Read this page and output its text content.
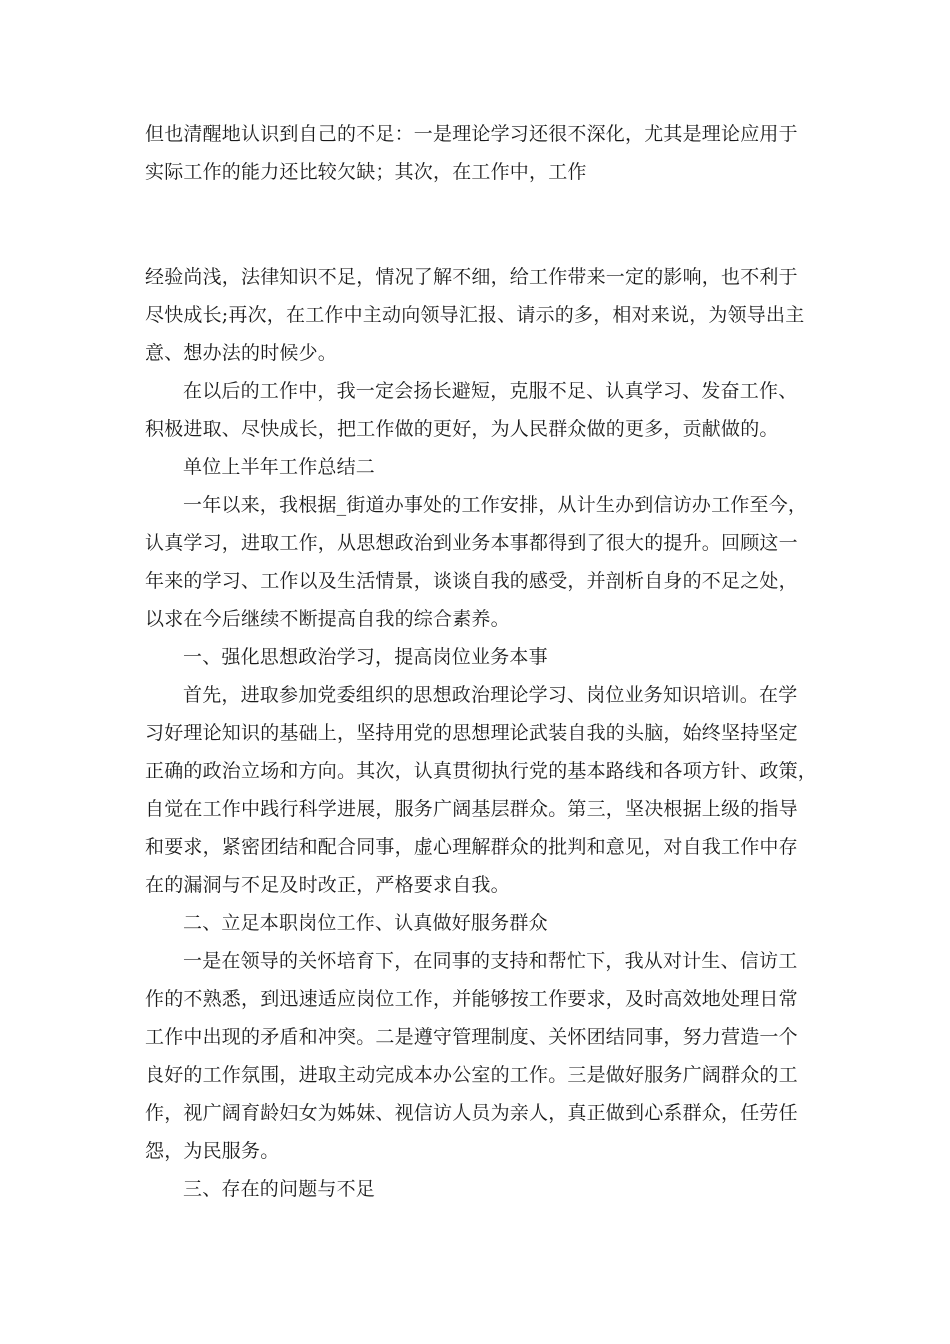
但也清醒地认识到自己的不足：一是理论学习还很不深化，尤其是理论应用于
实际工作的能力还比较欠缺；其次，在工作中，工作
经验尚浅，法律知识不足，情况了解不细，给工作带来一定的影响，也不利于
尽快成长;再次，在工作中主动向领导汇报、请示的多，相对来说，为领导出主
意、想办法的时候少。
在以后的工作中，我一定会扬长避短，克服不足、认真学习、发奋工作、
积极进取、尽快成长，把工作做的更好，为人民群众做的更多，贡献做的。
单位上半年工作总结二
一年以来，我根据_街道办事处的工作安排，从计生办到信访办工作至今，
认真学习，进取工作，从思想政治到业务本事都得到了很大的提升。回顾这一
年来的学习、工作以及生活情景，谈谈自我的感受，并剖析自身的不足之处，
以求在今后继续不断提高自我的综合素养。
一、强化思想政治学习，提高岗位业务本事
首先，进取参加党委组织的思想政治理论学习、岗位业务知识培训。在学
习好理论知识的基础上，坚持用党的思想理论武装自我的头脑，始终坚持坚定
正确的政治立场和方向。其次，认真贯彻执行党的基本路线和各项方针、政策，
自觉在工作中践行科学进展，服务广阔基层群众。第三，坚决根据上级的指导
和要求，紧密团结和配合同事，虚心理解群众的批判和意见，对自我工作中存
在的漏洞与不足及时改正，严格要求自我。
二、立足本职岗位工作、认真做好服务群众
一是在领导的关怀培育下，在同事的支持和帮忙下，我从对计生、信访工
作的不熟悉，到迅速适应岗位工作，并能够按工作要求，及时高效地处理日常
工作中出现的矛盾和冲突。二是遵守管理制度、关怀团结同事，努力营造一个
良好的工作氛围，进取主动完成本办公室的工作。三是做好服务广阔群众的工
作，视广阔育龄妇女为姊妹、视信访人员为亲人，真正做到心系群众，任劳任
怨，为民服务。
三、存在的问题与不足
